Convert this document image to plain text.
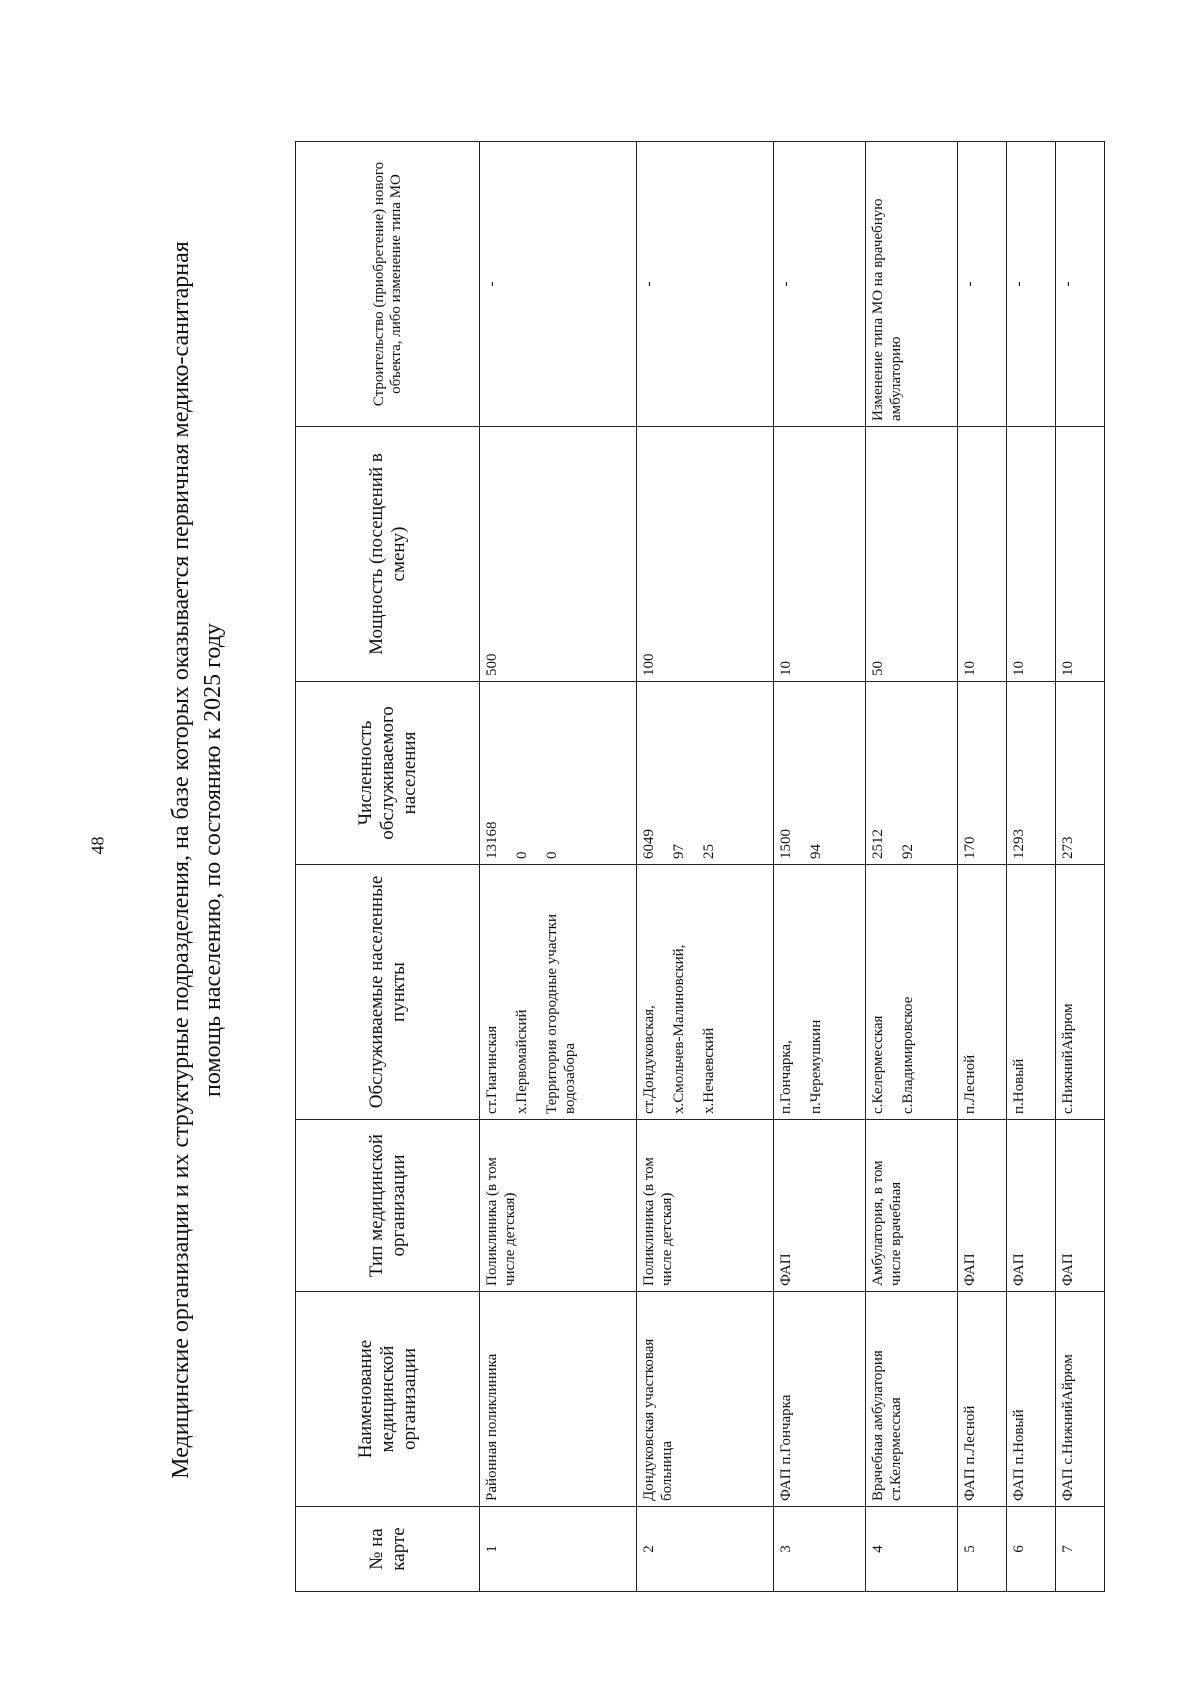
48	Медицинские организации и их структурные подразделения, на базе которых оказывается первичная медико-санитарная помощь населению, по состоянию к 2025 году
№ на карте	Наименование медицинской организации	Тип медицинской организации	Обслуживаемые населенные пункты	Численность обслуживаемого населения	Мощность (посещений в смену)	Строительство (приобретение) нового объекта, либо изменение типа МО
1	Районная поликлиника	Поликлиника (в том числе детская)	ст.Гиагинская х.Первомайский Территория огородные участки водозабора	13168 0 0	500	-
2	Дондуковская участковая больница	Поликлиника (в том числе детская)	ст.Дондуковская, х.Смольчев-Малиновский, х.Нечаевский	6049 97 25	100	-
3	ФАП п.Гончарка	ФАП	п.Гончарка, п.Черемушкин	1500 94	10	-
4	Врачебная амбулатория ст.Келермесская	Амбулатория, в том числе врачебная	с.Келермесская с.Владимировское	2512 92	50	Изменение типа МО на врачебную амбулаторию
5	ФАП п.Лесной	ФАП	п.Лесной	170	10	-
6	ФАП п.Новый	ФАП	п.Новый	1293	10	-
7	ФАП с.НижнийАйрюм	ФАП	с.НижнийАйрюм	273	10	-
